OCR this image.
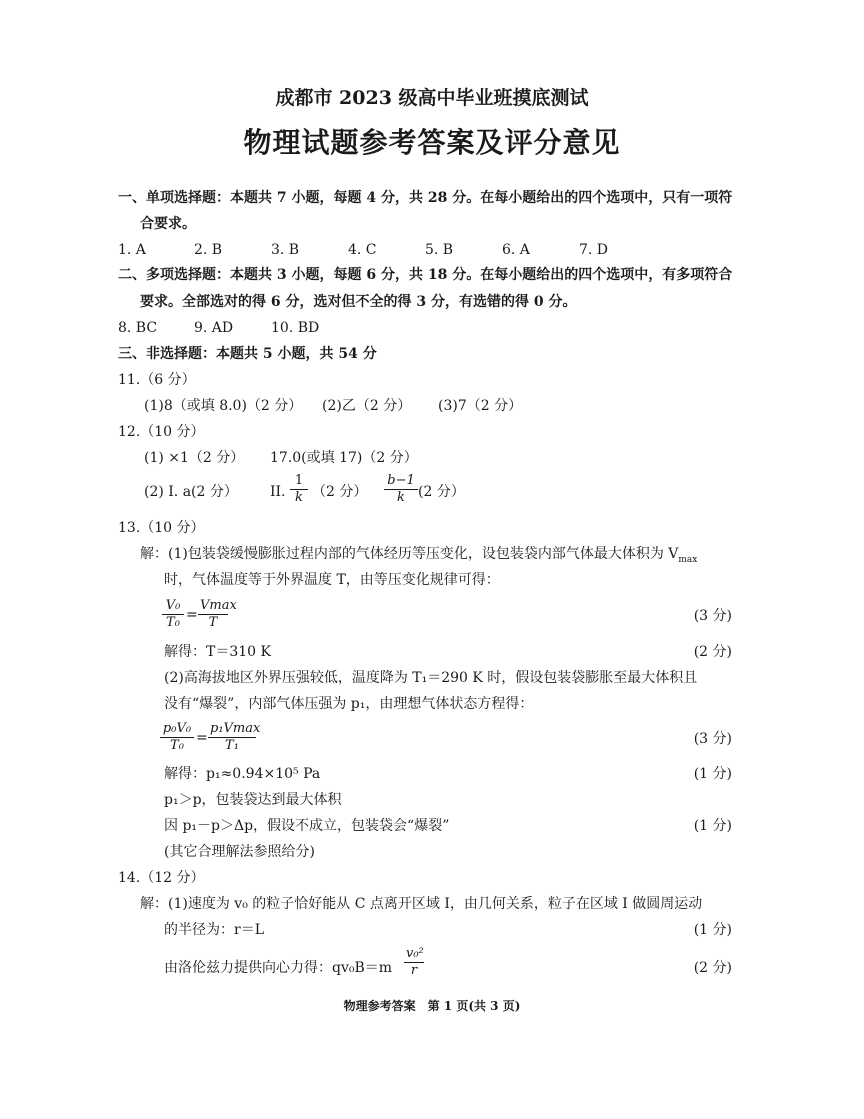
成都市 2023 级高中毕业班摸底测试
物理试题参考答案及评分意见
一、单项选择题：本题共 7 小题，每题 4 分，共 28 分。在每小题给出的四个选项中，只有一项符
合要求。
1. A	2. B	3. B	4. C	5. B	6. A	7. D
二、多项选择题：本题共 3 小题，每题 6 分，共 18 分。在每小题给出的四个选项中，有多项符合
要求。全部选对的得 6 分，选对但不全的得 3 分，有选错的得 0 分。
8. BC	9. AD	10. BD
三、非选择题：本题共 5 小题，共 54 分
11.（6 分）
(1)8（或填 8.0)（2 分） (2)乙（2 分） (3)7（2 分）
12.（10 分）
(1) ×1（2 分） 17.0(或填 17)（2 分）
(2) I. a(2 分） II. $\frac{1}{k} (2$ 分） $\frac{b-1}{k} (2$ 分）
13.（10 分）
解：(1)包装袋缓慢膨胀过程内部的气体经历等压变化，设包装袋内部气体最大体积为 $V_{max}$
时，气体温度等于外界温度 T，由等压变化规律可得：
$\frac{\text{V₀}}{\text{T₀}}$ =
Vmax
T	(3 分)
解得：T＝310 K	(2 分)
(2)高海拔地区外界压强较低，温度降为 T₁＝290 K 时，假设包装袋膨胀至最大体积且
没有“爆裂”，内部气体压强为 p₁，由理想气体状态方程得：
$\frac{\text{p₀V₀}}{\text{T₀}}$ =
p₁Vmax
T₁	(3 分)
解得：p₁≈0.94×10⁵ Pa	(1 分)
p₁＞p，包装袋达到最大体积
因 p₁－p＞Δp，假设不成立，包装袋会“爆裂”	(1 分)
(其它合理解法参照给分)
14.（12 分）
解：(1)速度为 v₀ 的粒子恰好能从 C 点离开区域 Ⅰ，由几何关系，粒子在区域 Ⅰ 做圆周运动
的半径为：r＝L	(1 分)
由洛伦兹力提供向心力得：$qv_0B=m \frac{\text{v₀²}}{r}$	(2 分)
物理参考答案　第 1 页(共 3 页)
